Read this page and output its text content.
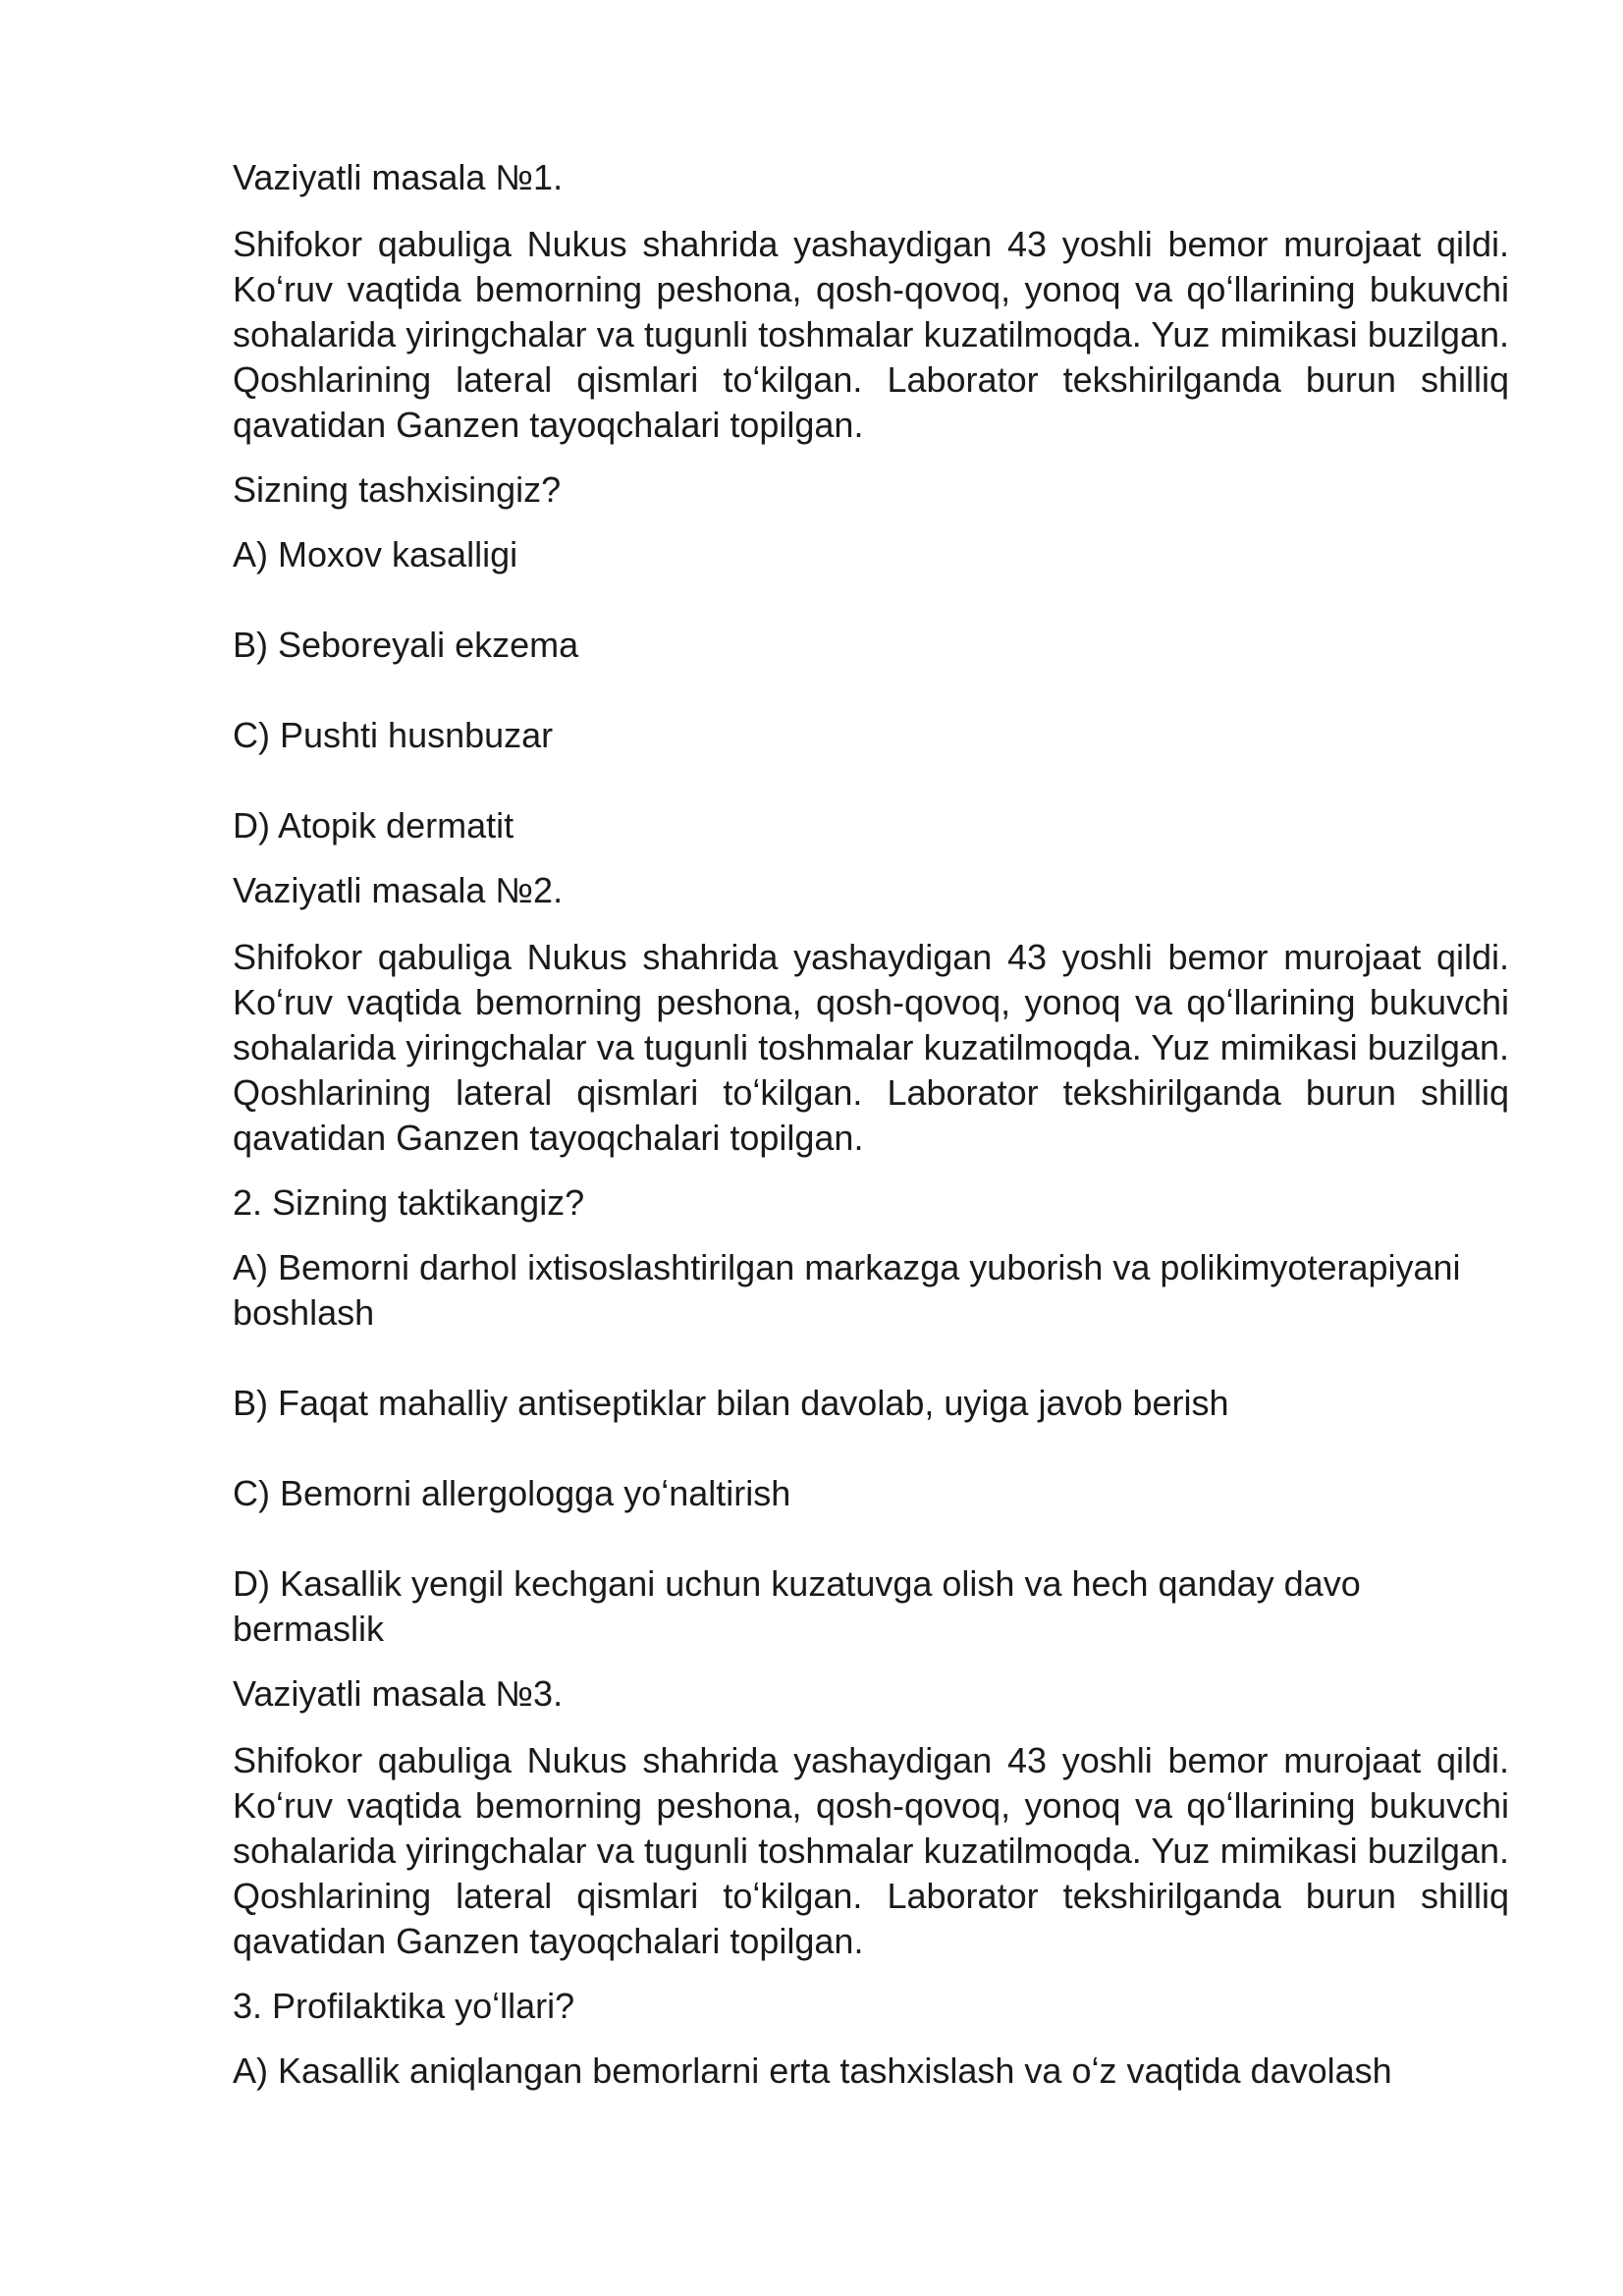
Vaziyatli masala №1.

Shifokor qabuliga Nukus shahrida yashaydigan 43 yoshli bemor murojaat qildi. Koʻruv vaqtida bemorning peshona, qosh-qovoq, yonoq va qoʻllarining bukuvchi sohalarida yiringchalar va tugunli toshmalar kuzatilmoqda. Yuz mimikasi buzilgan. Qoshlarining lateral qismlari toʻkilgan. Laborator tekshirilganda burun shilliq qavatidan Ganzen tayoqchalari topilgan.

Sizning tashxisingiz?

A) Moxov kasalligi

B) Seboreyali ekzema

C) Pushti husnbuzar

D) Atopik dermatit

Vaziyatli masala №2.

Shifokor qabuliga Nukus shahrida yashaydigan 43 yoshli bemor murojaat qildi. Koʻruv vaqtida bemorning peshona, qosh-qovoq, yonoq va qoʻllarining bukuvchi sohalarida yiringchalar va tugunli toshmalar kuzatilmoqda. Yuz mimikasi buzilgan. Qoshlarining lateral qismlari toʻkilgan. Laborator tekshirilganda burun shilliq qavatidan Ganzen tayoqchalari topilgan.

2. Sizning taktikangiz?

A) Bemorni darhol ixtisoslashtirilgan markazga yuborish va polikimyoterapiyani boshlash

B) Faqat mahalliy antiseptiklar bilan davolab, uyiga javob berish

C) Bemorni allergologga yoʻnaltirish

D) Kasallik yengil kechgani uchun kuzatuvga olish va hech qanday davo bermaslik

Vaziyatli masala №3.

Shifokor qabuliga Nukus shahrida yashaydigan 43 yoshli bemor murojaat qildi. Koʻruv vaqtida bemorning peshona, qosh-qovoq, yonoq va qoʻllarining bukuvchi sohalarida yiringchalar va tugunli toshmalar kuzatilmoqda. Yuz mimikasi buzilgan. Qoshlarining lateral qismlari toʻkilgan. Laborator tekshirilganda burun shilliq qavatidan Ganzen tayoqchalari topilgan.

3. Profilaktika yoʻllari?

A) Kasallik aniqlangan bemorlarni erta tashxislash va oʻz vaqtida davolash
